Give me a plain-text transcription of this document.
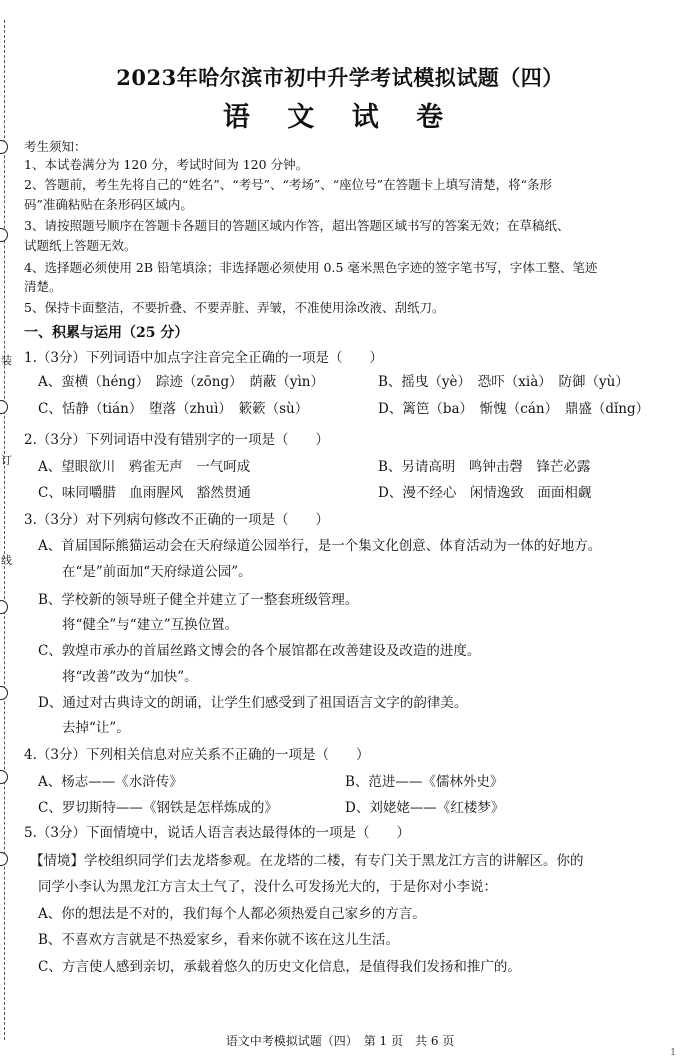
装
订
线
2023年哈尔滨市初中升学考试模拟试题（四）
语 文 试 卷
考生须知：
1、本试卷满分为 120 分，考试时间为 120 分钟。
2、答题前，考生先将自己的“姓名”、“考号”、“考场”、“座位号”在答题卡上填写清楚，将“条形
码”准确粘贴在条形码区域内。
3、请按照题号顺序在答题卡各题目的答题区域内作答，超出答题区域书写的答案无效；在草稿纸、
试题纸上答题无效。
4、选择题必须使用 2B 铅笔填涂；非选择题必须使用 0.5 毫米黑色字迹的签字笔书写，字体工整、笔迹
清楚。
5、保持卡面整洁，不要折叠、不要弄脏、弄皱，不准使用涂改液、刮纸刀。
一、积累与运用（25 分）
1.（3分）下列词语中加点字注音完全正确的一项是（　　）
A、蛮横（héng）　踪迹（zōng）　荫蔽（yìn）	B、摇曳（yè）　恐吓（xià）　防御（yù）
C、恬静（tián）　堕落（zhuì）　簌簌（sù）	D、篱笆（ba）　惭愧（cán）　鼎盛（dǐng）
2.（3分）下列词语中没有错别字的一项是（　　）
A、望眼欲川　鸦雀无声　一气呵成	B、另请高明　鸣钟击磬　锋芒必露
C、味同嚼腊　血雨腥风　豁然贯通	D、漫不经心　闲情逸致　面面相觑
3.（3分）对下列病句修改不正确的一项是（　　）
A、首届国际熊猫运动会在天府绿道公园举行，是一个集文化创意、体育活动为一体的好地方。
在“是”前面加“天府绿道公园”。
B、学校新的领导班子健全并建立了一整套班级管理。
将“健全”与“建立”互换位置。
C、敦煌市承办的首届丝路文博会的各个展馆都在改善建设及改造的进度。
将“改善”改为“加快”。
D、通过对古典诗文的朗诵，让学生们感受到了祖国语言文字的韵律美。
去掉“让”。
4.（3分）下列相关信息对应关系不正确的一项是（　　）
A、杨志——《水浒传》	B、范进——《儒林外史》
C、罗切斯特——《钢铁是怎样炼成的》	D、刘姥姥——《红楼梦》
5.（3分）下面情境中，说话人语言表达最得体的一项是（　　）
【情境】学校组织同学们去龙塔参观。在龙塔的二楼，有专门关于黑龙江方言的讲解区。你的
同学小李认为黑龙江方言太土气了，没什么可发扬光大的，于是你对小李说：
A、你的想法是不对的，我们每个人都必须热爱自己家乡的方言。
B、不喜欢方言就是不热爱家乡，看来你就不该在这儿生活。
C、方言使人感到亲切，承载着悠久的历史文化信息，是值得我们发扬和推广的。
语文中考模拟试题（四）　第 1 页　共 6 页
1
